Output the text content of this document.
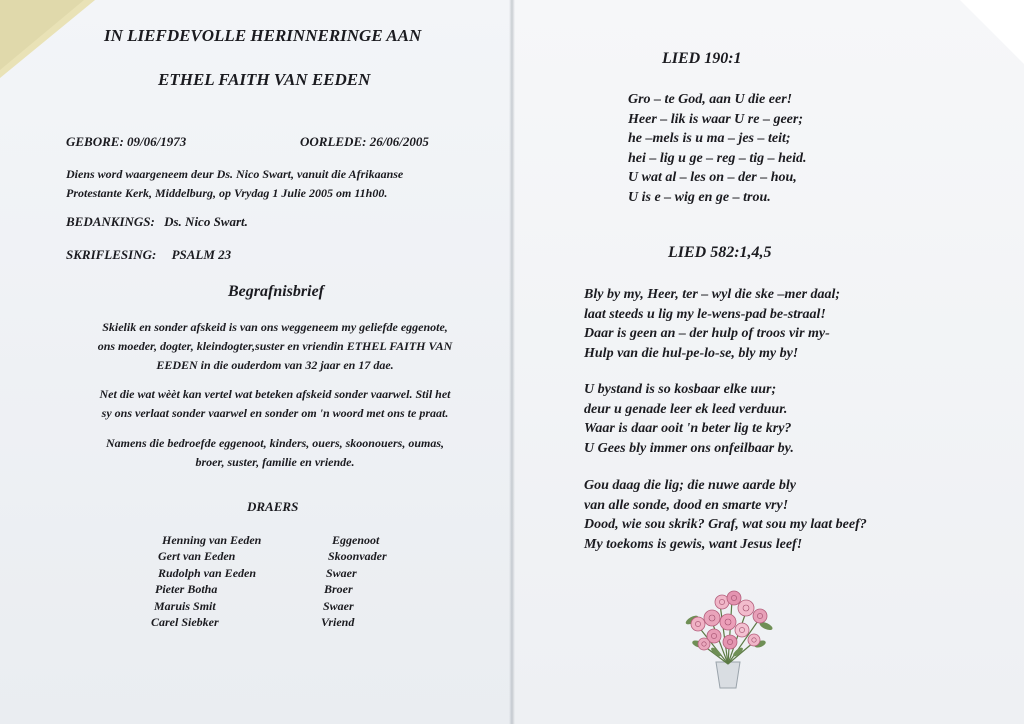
IN LIEFDEVOLLE HERINNERINGE AAN
ETHEL FAITH VAN EEDEN
GEBORE: 09/06/1973	OORLEDE: 26/06/2005
Diens word waargeneem deur Ds. Nico Swart, vanuit die Afrikaanse
Protestante Kerk, Middelburg, op Vrydag 1 Julie 2005 om 11h00.
BEDANKINGS: Ds. Nico Swart.
SKRIFLESING: PSALM 23
Begrafnisbrief
Skielik en sonder afskeid is van ons weggeneem my geliefde eggenote,
ons moeder, dogter, kleindogter,suster en vriendin ETHEL FAITH VAN
EEDEN in die ouderdom van 32 jaar en 17 dae.
Net die wat wèèt kan vertel wat beteken afskeid sonder vaarwel. Stil het
sy ons verlaat sonder vaarwel en sonder om 'n woord met ons te praat.
Namens die bedroefde eggenoot, kinders, ouers, skoonouers, oumas,
broer, suster, familie en vriende.
DRAERS
Henning van Eeden
Gert van Eeden
Rudolph van Eeden
Pieter Botha
Maruis Smit
Carel Siebker
Eggenoot
Skoonvader
Swaer
Broer
Swaer
Vriend
LIED 190:1
Gro – te God, aan U die eer!
Heer – lik is waar U re – geer;
he –mels is u ma – jes – teit;
hei – lig u ge – reg – tig – heid.
U wat al – les on – der – hou,
U is e – wig en ge – trou.
LIED 582:1,4,5
Bly by my, Heer, ter – wyl die ske –mer daal;
laat steeds u lig my le-wens-pad be-straal!
Daar is geen an – der hulp of troos vir my-
Hulp van die hul-pe-lo-se, bly my by!
U bystand is so kosbaar elke uur;
deur u genade leer ek leed verduur.
Waar is daar ooit 'n beter lig te kry?
U Gees bly immer ons onfeilbaar by.
Gou daag die lig; die nuwe aarde bly
van alle sonde, dood en smarte vry!
Dood, wie sou skrik? Graf, wat sou my laat beef?
My toekoms is gewis, want Jesus leef!
